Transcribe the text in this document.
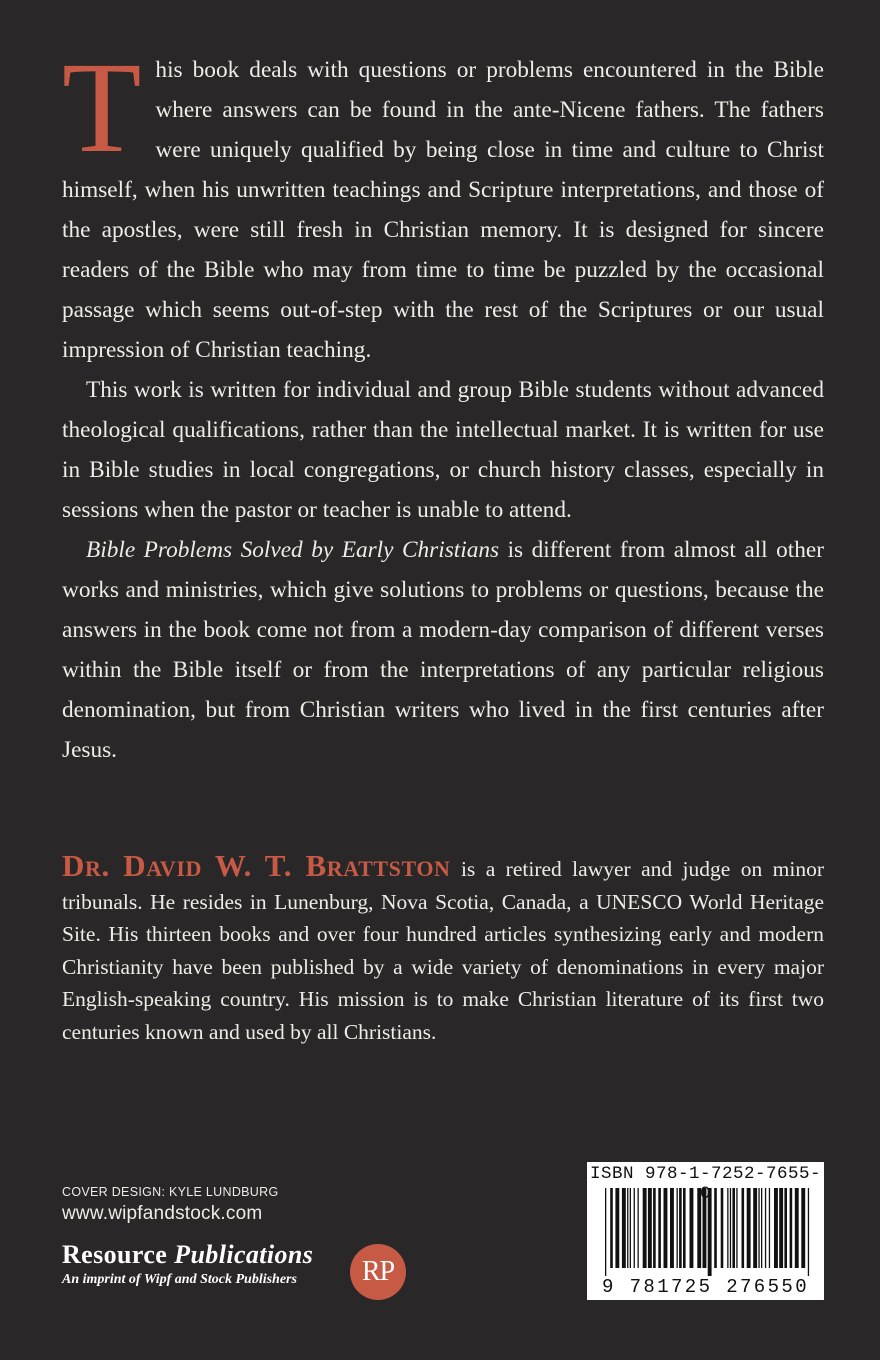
This book deals with questions or problems encountered in the Bible where answers can be found in the ante-Nicene fathers. The fathers were uniquely qualified by being close in time and culture to Christ himself, when his unwritten teachings and Scripture interpretations, and those of the apostles, were still fresh in Christian memory. It is designed for sincere readers of the Bible who may from time to time be puzzled by the occasional passage which seems out-of-step with the rest of the Scriptures or our usual impression of Christian teaching.

This work is written for individual and group Bible students without advanced theological qualifications, rather than the intellectual market. It is written for use in Bible studies in local congregations, or church history classes, especially in sessions when the pastor or teacher is unable to attend.

Bible Problems Solved by Early Christians is different from almost all other works and ministries, which give solutions to problems or questions, because the answers in the book come not from a modern-day comparison of different verses within the Bible itself or from the interpretations of any particular religious denomination, but from Christian writers who lived in the first centuries after Jesus.

Dr. David W. T. Brattston is a retired lawyer and judge on minor tribunals. He resides in Lunenburg, Nova Scotia, Canada, a UNESCO World Heritage Site. His thirteen books and over four hundred articles synthesizing early and modern Christianity have been published by a wide variety of denominations in every major English-speaking country. His mission is to make Christian literature of its first two centuries known and used by all Christians.

COVER DESIGN: KYLE LUNDBURG
www.wipfandstock.com
Resource Publications
An imprint of Wipf and Stock Publishers	RP
ISBN 978-1-7252-7655-
9 781725 276550
